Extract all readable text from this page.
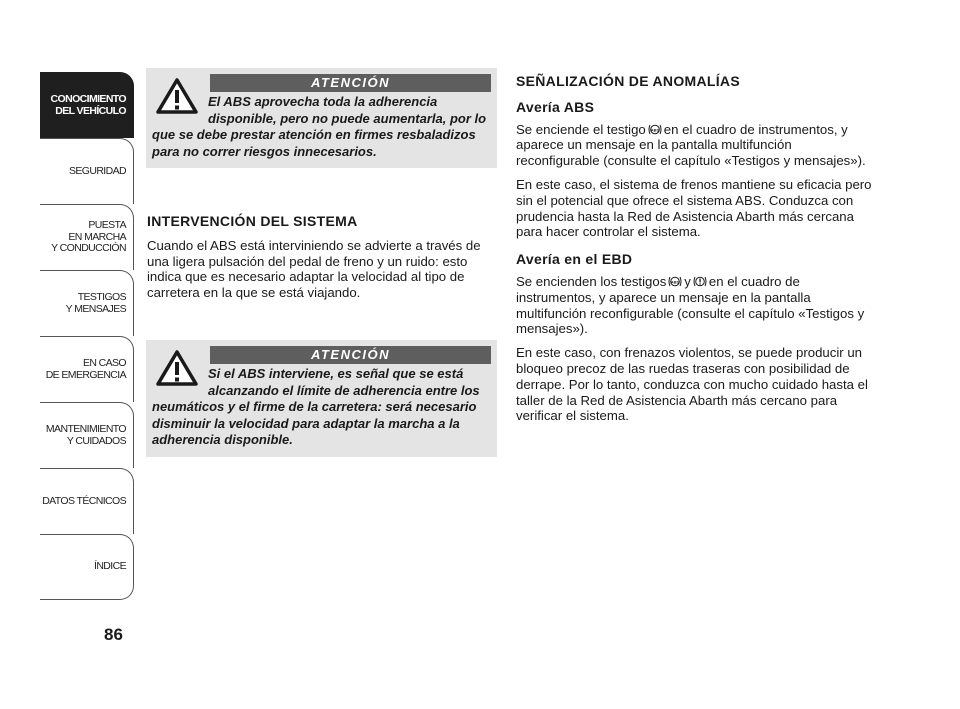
CONOCIMIENTO
DEL VEHÍCULO
SEGURIDAD
PUESTA
EN MARCHA
Y CONDUCCIÓN
TESTIGOS
Y MENSAJES
EN CASO
DE EMERGENCIA
MANTENIMIENTO
Y CUIDADOS
DATOS TÉCNICOS
ÍNDICE
86
ATENCIÓN
El ABS aprovecha toda la adherencia disponible, pero no puede aumentarla, por lo que se debe prestar atención en firmes resbaladizos para no correr riesgos innecesarios.
INTERVENCIÓN DEL SISTEMA
Cuando el ABS está interviniendo se advierte a través de una ligera pulsación del pedal de freno y un ruido: esto indica que es necesario adaptar la velocidad al tipo de carretera en la que se está viajando.
ATENCIÓN
Si el ABS interviene, es señal que se está alcanzando el límite de adherencia entre los neumáticos y el firme de la carretera: será necesario disminuir la velocidad para adaptar la marcha a la adherencia disponible.
SEÑALIZACIÓN DE ANOMALÍAS
Avería ABS
Se enciende el testigo ABS en el cuadro de instrumentos, y aparece un mensaje en la pantalla multifunción reconfigurable (consulte el capítulo «Testigos y mensajes»).
En este caso, el sistema de frenos mantiene su eficacia pero sin el potencial que ofrece el sistema ABS. Conduzca con prudencia hasta la Red de Asistencia Abarth más cercana para hacer controlar el sistema.
Avería en el EBD
Se encienden los testigos ABS y en el cuadro de instrumentos, y aparece un mensaje en la pantalla multifunción reconfigurable (consulte el capítulo «Testigos y mensajes»).
En este caso, con frenazos violentos, se puede producir un bloqueo precoz de las ruedas traseras con posibilidad de derrape. Por lo tanto, conduzca con mucho cuidado hasta el taller de la Red de Asistencia Abarth más cercano para verificar el sistema.
